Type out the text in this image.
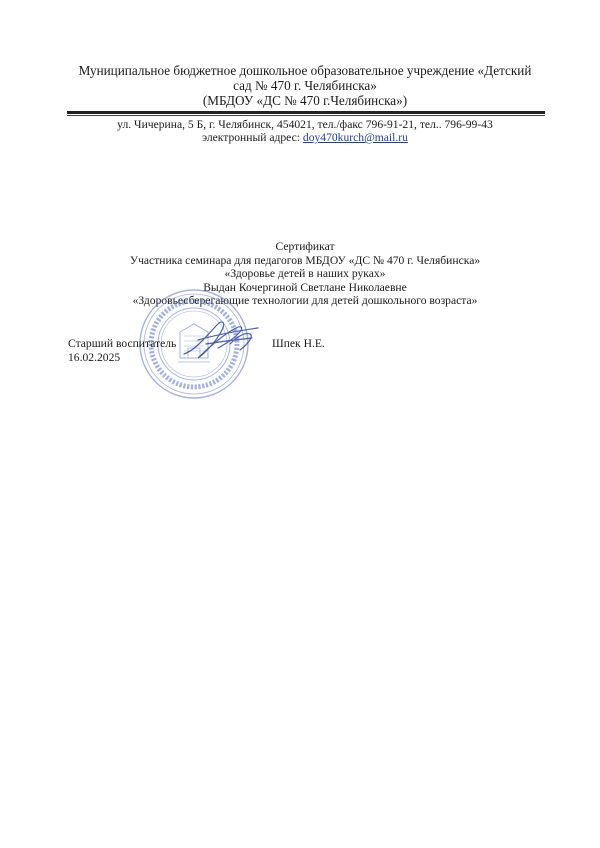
Муниципальное бюджетное дошкольное образовательное учреждение «Детский
сад № 470 г. Челябинска»
(МБДОУ «ДС № 470 г.Челябинска»)
ул. Чичерина, 5 Б, г. Челябинск, 454021, тел./факс 796-91-21, тел.. 796-99-43
электронный адрес: doy470kurch@mail.ru
Сертификат
Участника семинара для педагогов МБДОУ «ДС № 470 г. Челябинска»
«Здоровье детей в наших руках»
Выдан Кочергиной Светлане Николаевне
«Здоровьесберегающие технологии для детей дошкольного возраста»
Старший воспитатель	Шпек Н.Е.
16.02.2025
